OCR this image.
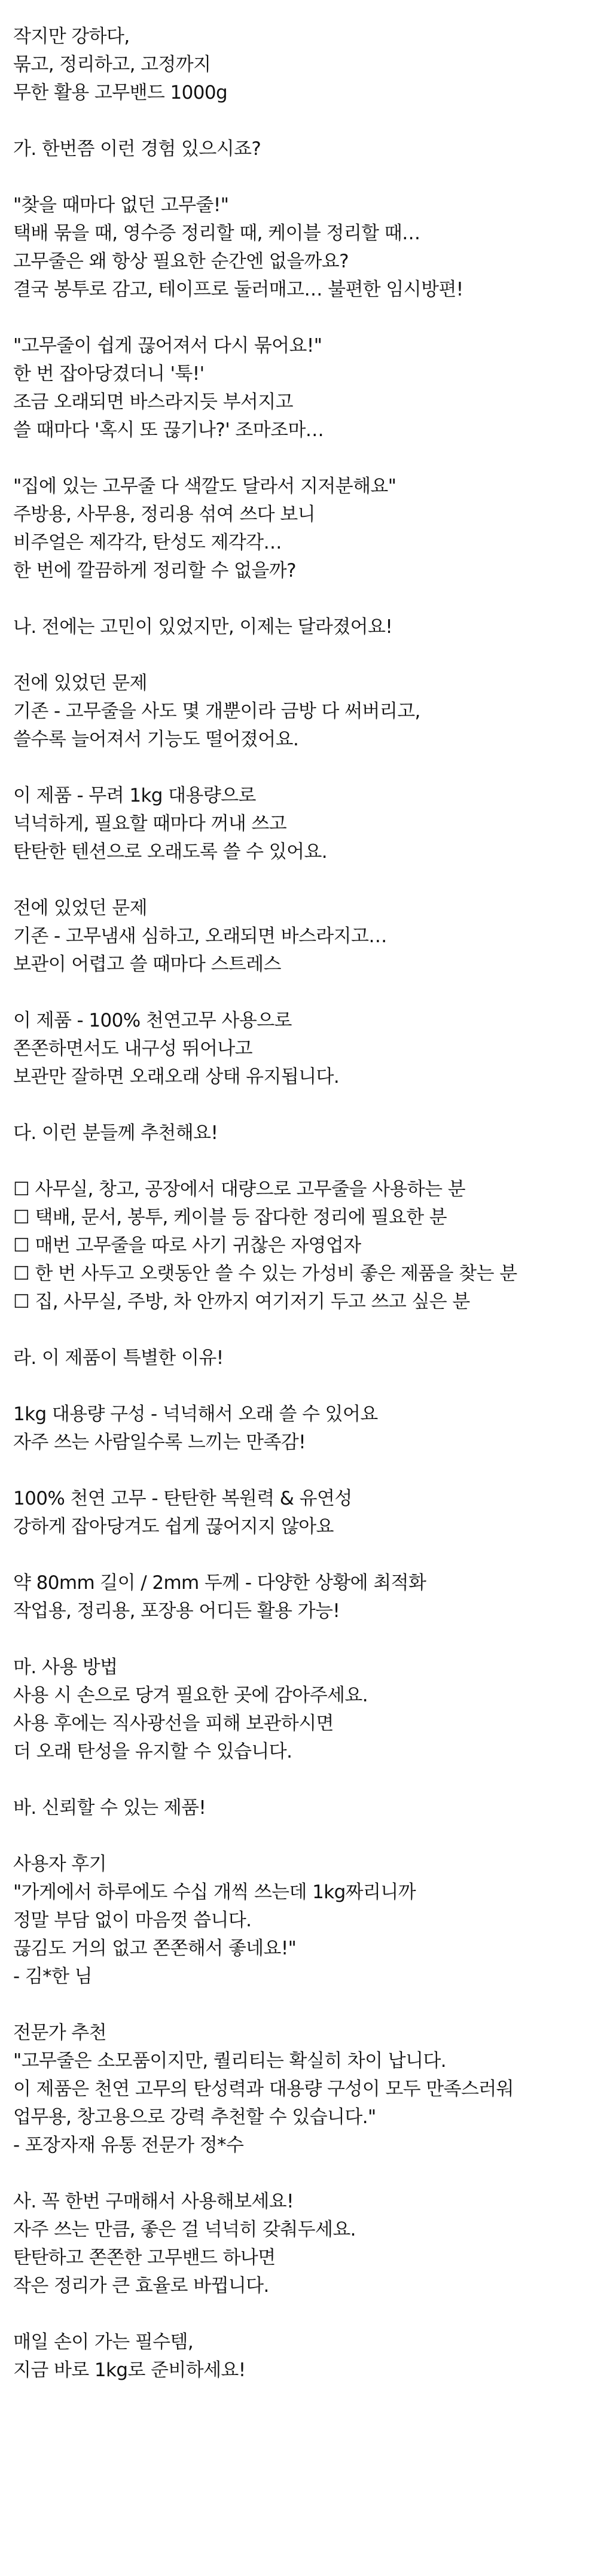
작지만 강하다,
묶고, 정리하고, 고정까지
무한 활용 고무밴드 1000g
가. 한번쯤 이런 경험 있으시죠?
"찾을 때마다 없던 고무줄!"
택배 묶을 때, 영수증 정리할 때, 케이블 정리할 때…
고무줄은 왜 항상 필요한 순간엔 없을까요?
결국 봉투로 감고, 테이프로 둘러매고… 불편한 임시방편!
"고무줄이 쉽게 끊어져서 다시 묶어요!"
한 번 잡아당겼더니 '툭!'
조금 오래되면 바스라지듯 부서지고
쓸 때마다 '혹시 또 끊기나?' 조마조마…
"집에 있는 고무줄 다 색깔도 달라서 지저분해요"
주방용, 사무용, 정리용 섞여 쓰다 보니
비주얼은 제각각, 탄성도 제각각…
한 번에 깔끔하게 정리할 수 없을까?
나. 전에는 고민이 있었지만, 이제는 달라졌어요!
전에 있었던 문제
기존 - 고무줄을 사도 몇 개뿐이라 금방 다 써버리고,
쓸수록 늘어져서 기능도 떨어졌어요.
이 제품 - 무려 1kg 대용량으로
넉넉하게, 필요할 때마다 꺼내 쓰고
탄탄한 텐션으로 오래도록 쓸 수 있어요.
전에 있었던 문제
기존 - 고무냄새 심하고, 오래되면 바스라지고…
보관이 어렵고 쓸 때마다 스트레스
이 제품 - 100% 천연고무 사용으로
쫀쫀하면서도 내구성 뛰어나고
보관만 잘하면 오래오래 상태 유지됩니다.
다. 이런 분들께 추천해요!
☐ 사무실, 창고, 공장에서 대량으로 고무줄을 사용하는 분
☐ 택배, 문서, 봉투, 케이블 등 잡다한 정리에 필요한 분
☐ 매번 고무줄을 따로 사기 귀찮은 자영업자
☐ 한 번 사두고 오랫동안 쓸 수 있는 가성비 좋은 제품을 찾는 분
☐ 집, 사무실, 주방, 차 안까지 여기저기 두고 쓰고 싶은 분
라. 이 제품이 특별한 이유!
1kg 대용량 구성 - 넉넉해서 오래 쓸 수 있어요
자주 쓰는 사람일수록 느끼는 만족감!
100% 천연 고무 - 탄탄한 복원력 & 유연성
강하게 잡아당겨도 쉽게 끊어지지 않아요
약 80mm 길이 / 2mm 두께 - 다양한 상황에 최적화
작업용, 정리용, 포장용 어디든 활용 가능!
마. 사용 방법
사용 시 손으로 당겨 필요한 곳에 감아주세요.
사용 후에는 직사광선을 피해 보관하시면
더 오래 탄성을 유지할 수 있습니다.
바. 신뢰할 수 있는 제품!
사용자 후기
"가게에서 하루에도 수십 개씩 쓰는데 1kg짜리니까
정말 부담 없이 마음껏 씁니다.
끊김도 거의 없고 쫀쫀해서 좋네요!"
- 김*한 님
전문가 추천
"고무줄은 소모품이지만, 퀄리티는 확실히 차이 납니다.
이 제품은 천연 고무의 탄성력과 대용량 구성이 모두 만족스러워
업무용, 창고용으로 강력 추천할 수 있습니다."
- 포장자재 유통 전문가 정*수
사. 꼭 한번 구매해서 사용해보세요!
자주 쓰는 만큼, 좋은 걸 넉넉히 갖춰두세요.
탄탄하고 쫀쫀한 고무밴드 하나면
작은 정리가 큰 효율로 바뀝니다.
매일 손이 가는 필수템,
지금 바로 1kg로 준비하세요!
